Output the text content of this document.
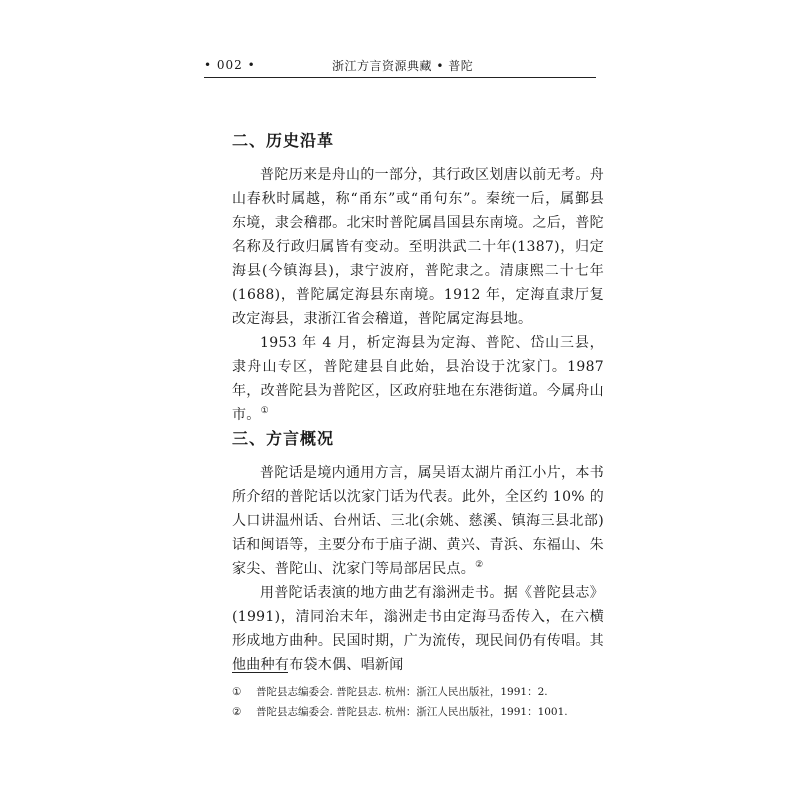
• 002 •	浙江方言资源典藏 • 普陀
二、历史沿革

普陀历来是舟山的一部分，其行政区划唐以前无考。舟山春秋时属越，称“甬东”或“甬句东”。秦统一后，属鄞县东境，隶会稽郡。北宋时普陀属昌国县东南境。之后，普陀名称及行政归属皆有变动。至明洪武二十年(1387)，归定海县(今镇海县)，隶宁波府，普陀隶之。清康熙二十七年(1688)，普陀属定海县东南境。1912 年，定海直隶厅复改定海县，隶浙江省会稽道，普陀属定海县地。

1953 年 4 月，析定海县为定海、普陀、岱山三县，隶舟山专区，普陀建县自此始，县治设于沈家门。1987 年，改普陀县为普陀区，区政府驻地在东港街道。今属舟山市。①

三、方言概况

普陀话是境内通用方言，属吴语太湖片甬江小片，本书所介绍的普陀话以沈家门话为代表。此外，全区约 10% 的人口讲温州话、台州话、三北(余姚、慈溪、镇海三县北部)话和闽语等，主要分布于庙子湖、黄兴、青浜、东福山、朱家尖、普陀山、沈家门等局部居民点。②

用普陀话表演的地方曲艺有滃洲走书。据《普陀县志》(1991)，清同治末年，滃洲走书由定海马岙传入，在六横形成地方曲种。民国时期，广为流传，现民间仍有传唱。其他曲种有布袋木偶、唱新闻

① 普陀县志编委会. 普陀县志. 杭州：浙江人民出版社，1991：2.
② 普陀县志编委会. 普陀县志. 杭州：浙江人民出版社，1991：1001.
